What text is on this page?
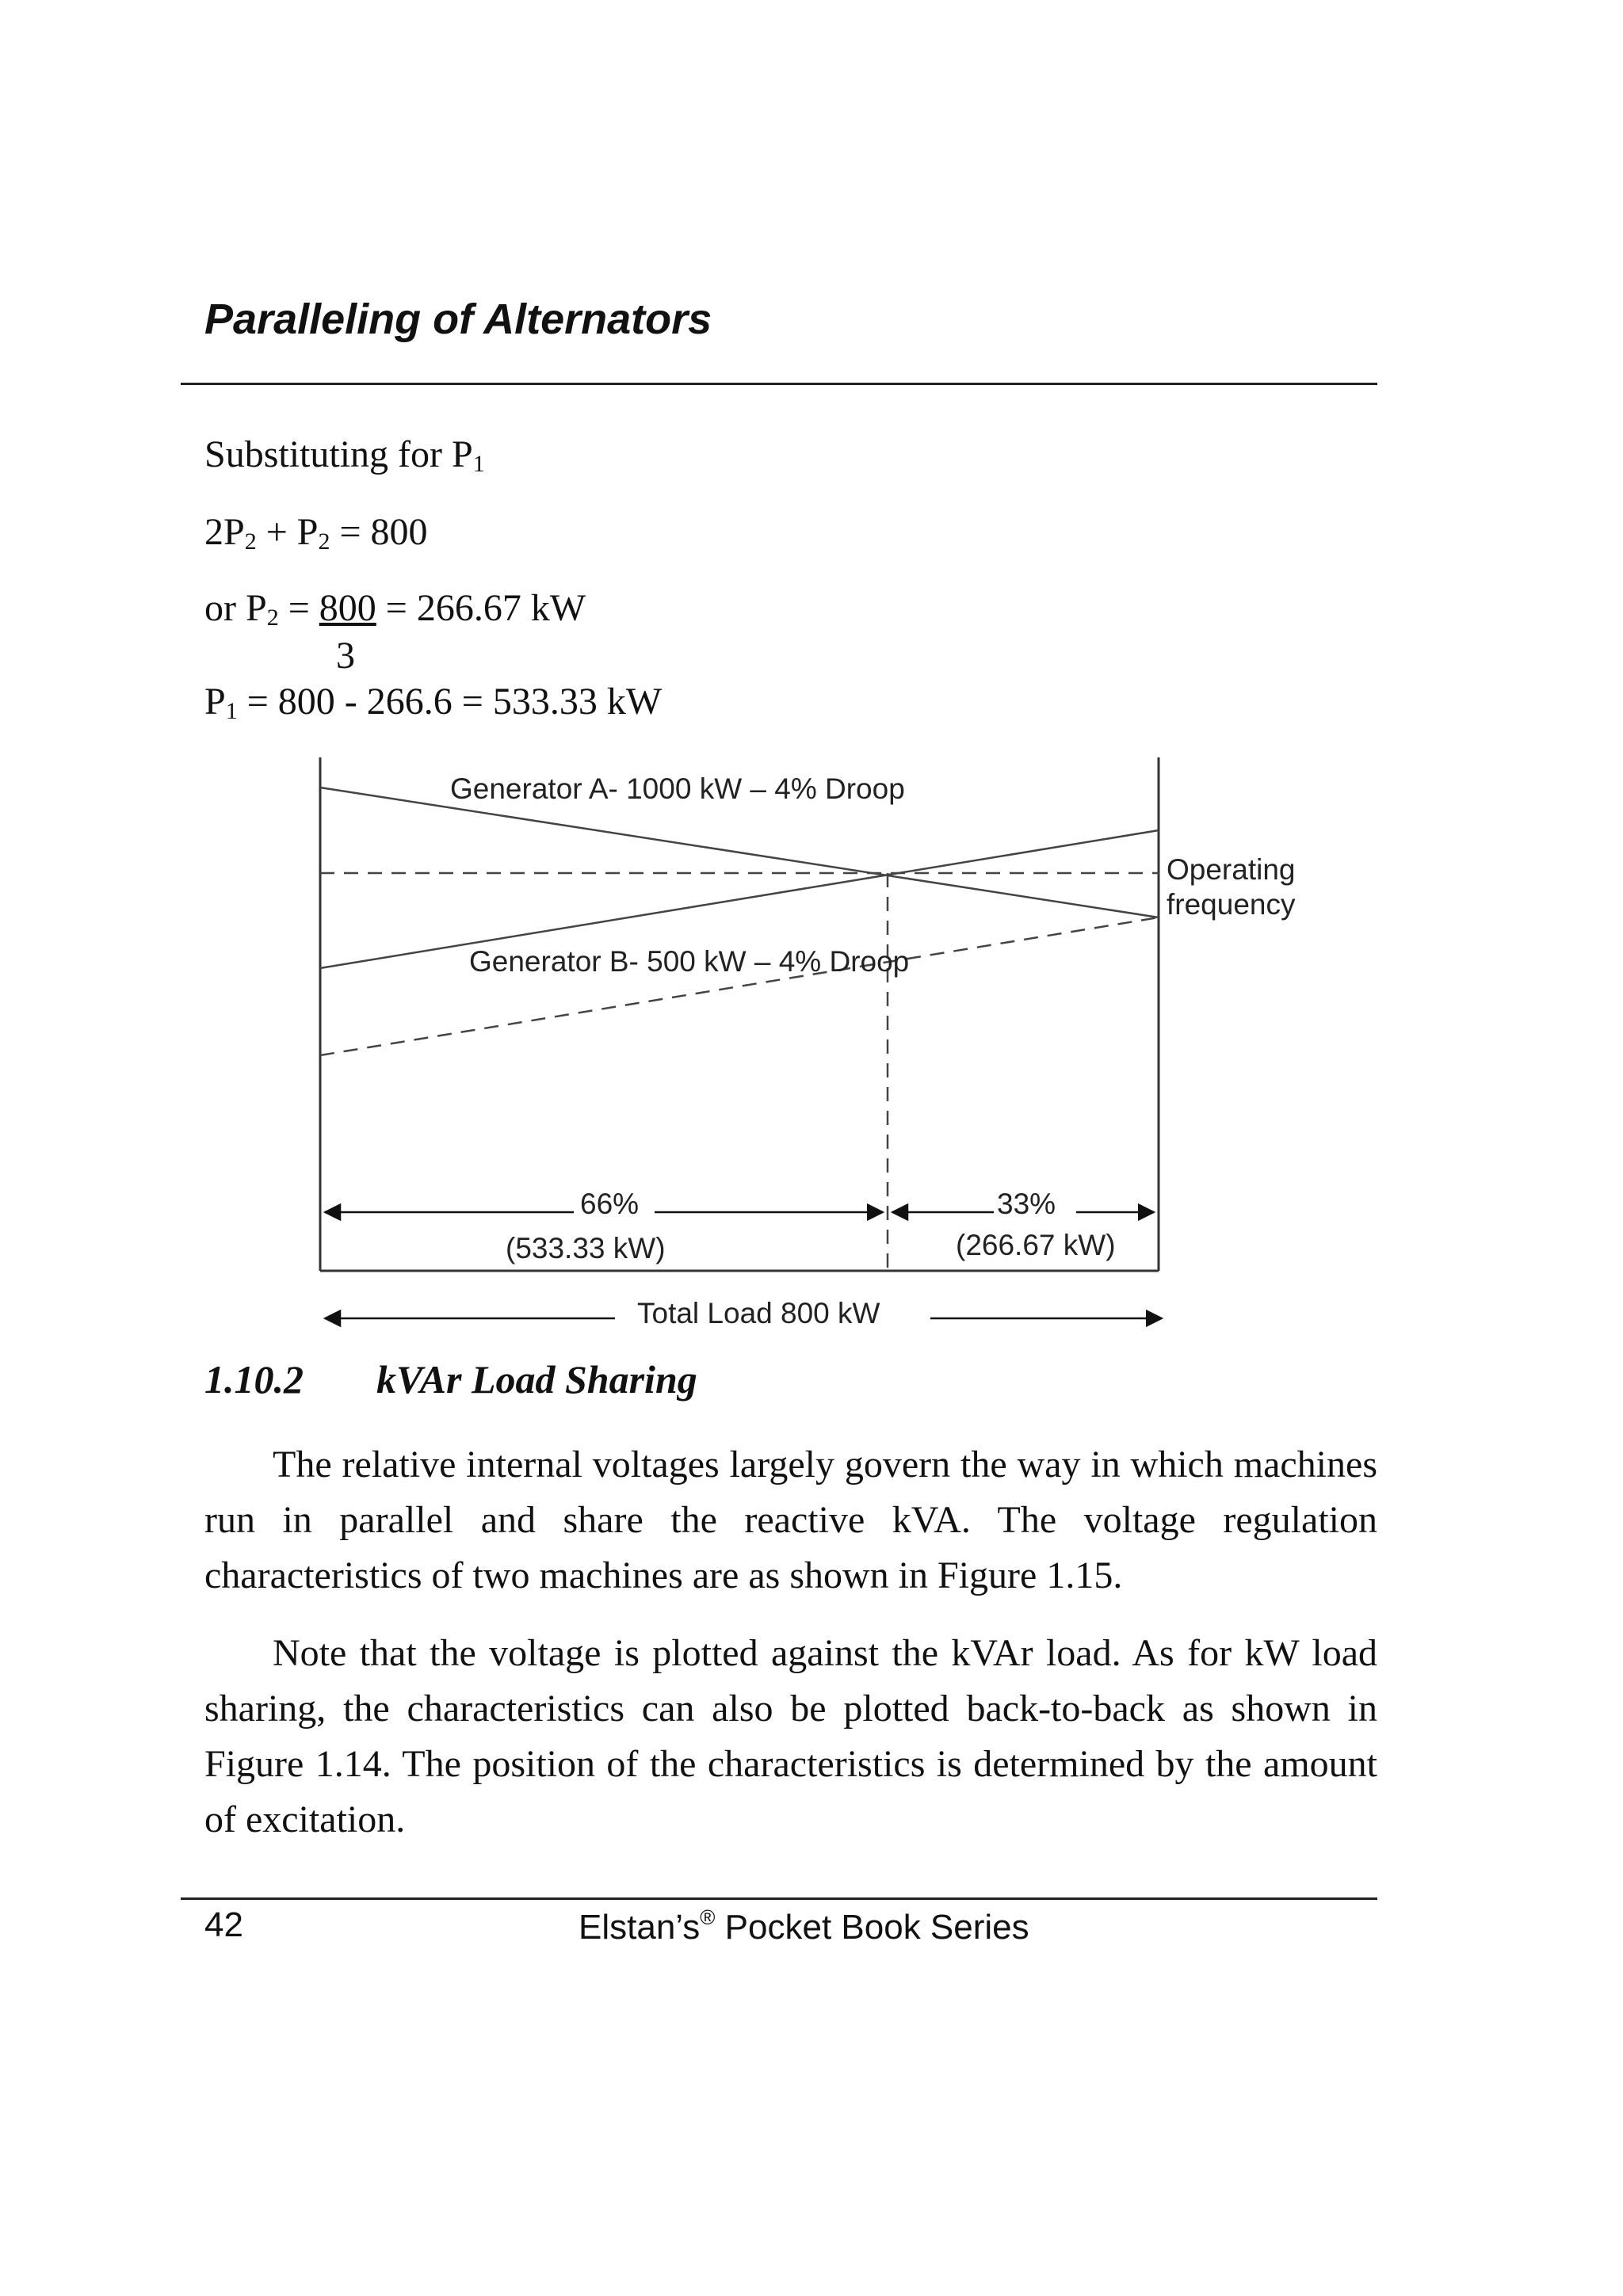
Paralleling of Alternators
Substituting for $P_1$
$2P_2 + P_2 = 800$
or $P_2 = 800 = 266.67$ kW
3
$P_1 = 800 - 266.6 = 533.33$ kW
Generator A- 1000 kW – 4% Droop
Generator B- 500 kW – 4% Droop
Operating
frequency
66%
(533.33 kW)
33%
(266.67 kW)
Total Load 800 kW
1.10.2 kVAr Load Sharing

The relative internal voltages largely govern the way in which machines run in parallel and share the reactive kVA. The voltage regulation characteristics of two machines are as shown in Figure 1.15.

Note that the voltage is plotted against the kVAr load. As for kW load sharing, the characteristics can also be plotted back-to-back as shown in Figure 1.14. The position of the characteristics is determined by the amount of excitation.

42	Elstan’s® Pocket Book Series
